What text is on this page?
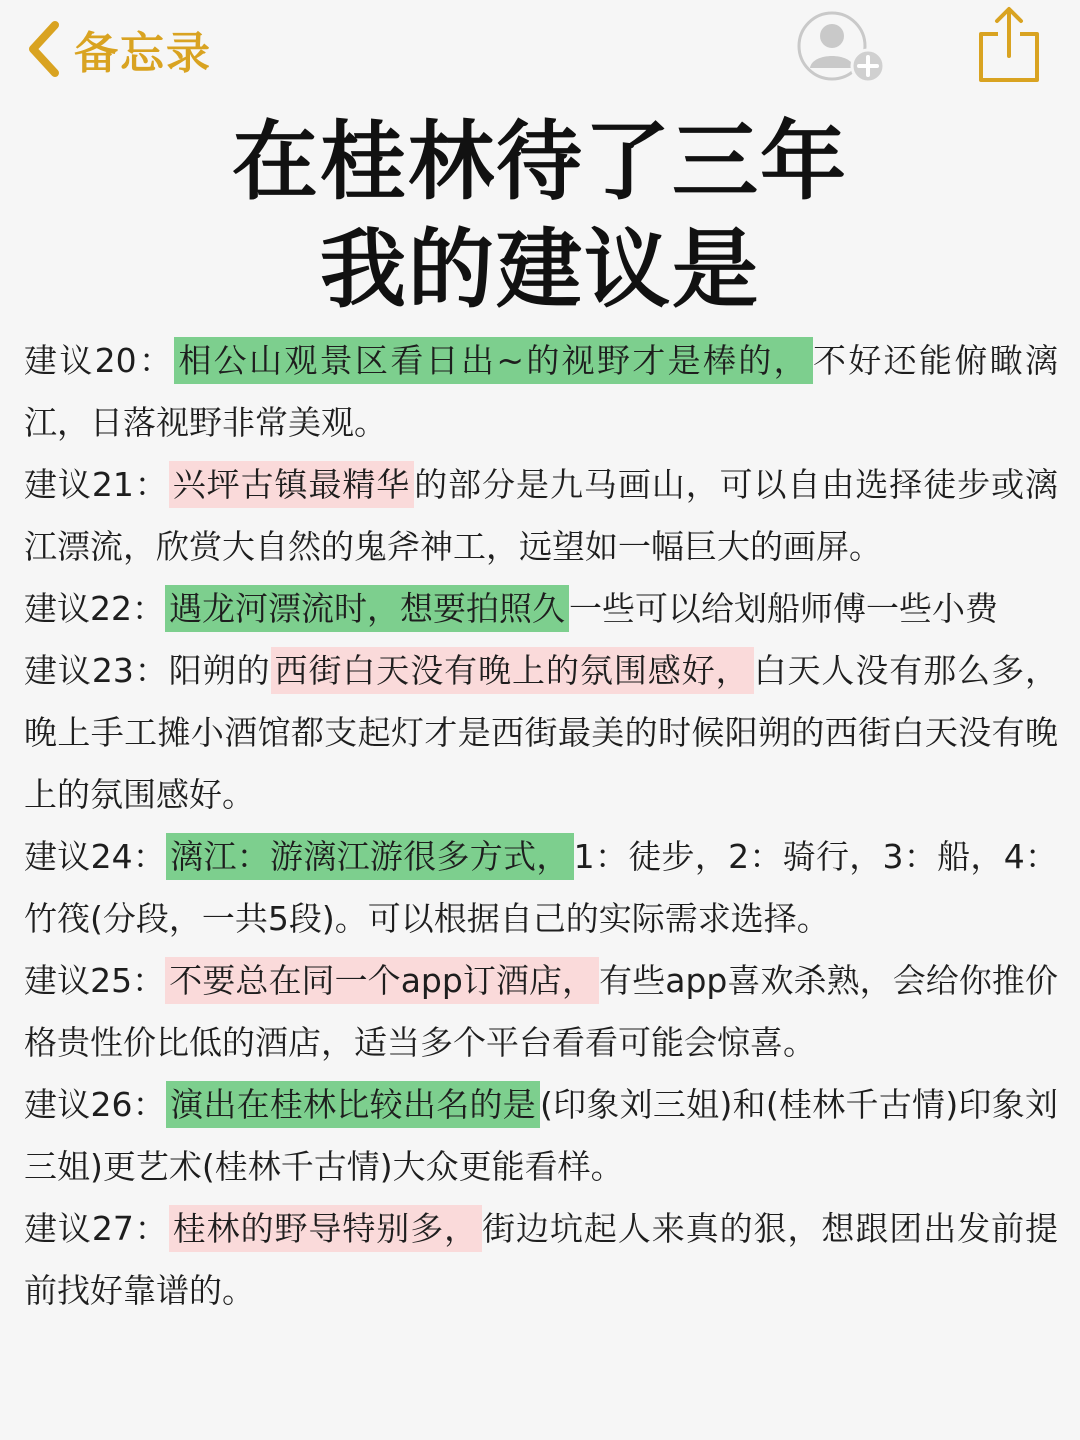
备忘录
在桂林待了三年
我的建议是

建议20： 相公山观景区看日出~的视野才是棒的， 不好还能俯瞰漓江，日落视野非常美观。

建议21： 兴坪古镇最精华 的部分是九马画山，可以自由选择徒步或漓江漂流，欣赏大自然的鬼斧神工，远望如一幅巨大的画屏。

建议22： 遇龙河漂流时，想要拍照久 一些可以给划船师傅一些小费

建议23：阳朔的 西街白天没有晚上的氛围感好， 白天人没有那么多，晚上手工摊小酒馆都支起灯才是西街最美的时候阳朔的西街白天没有晚上的氛围感好。

建议24： 漓江：游漓江游很多方式， 1：徒步，2：骑行，3：船，4：竹筏(分段，一共5段)。可以根据自己的实际需求选择。

建议25： 不要总在同一个app订酒店， 有些app喜欢杀熟，会给你推价格贵性价比低的酒店，适当多个平台看看可能会惊喜。

建议26： 演出在桂林比较出名的是 (印象刘三姐)和(桂林千古情)印象刘三姐)更艺术(桂林千古情)大众更能看样。

建议27： 桂林的野导特别多， 街边坑起人来真的狠，想跟团出发前提前找好靠谱的。
